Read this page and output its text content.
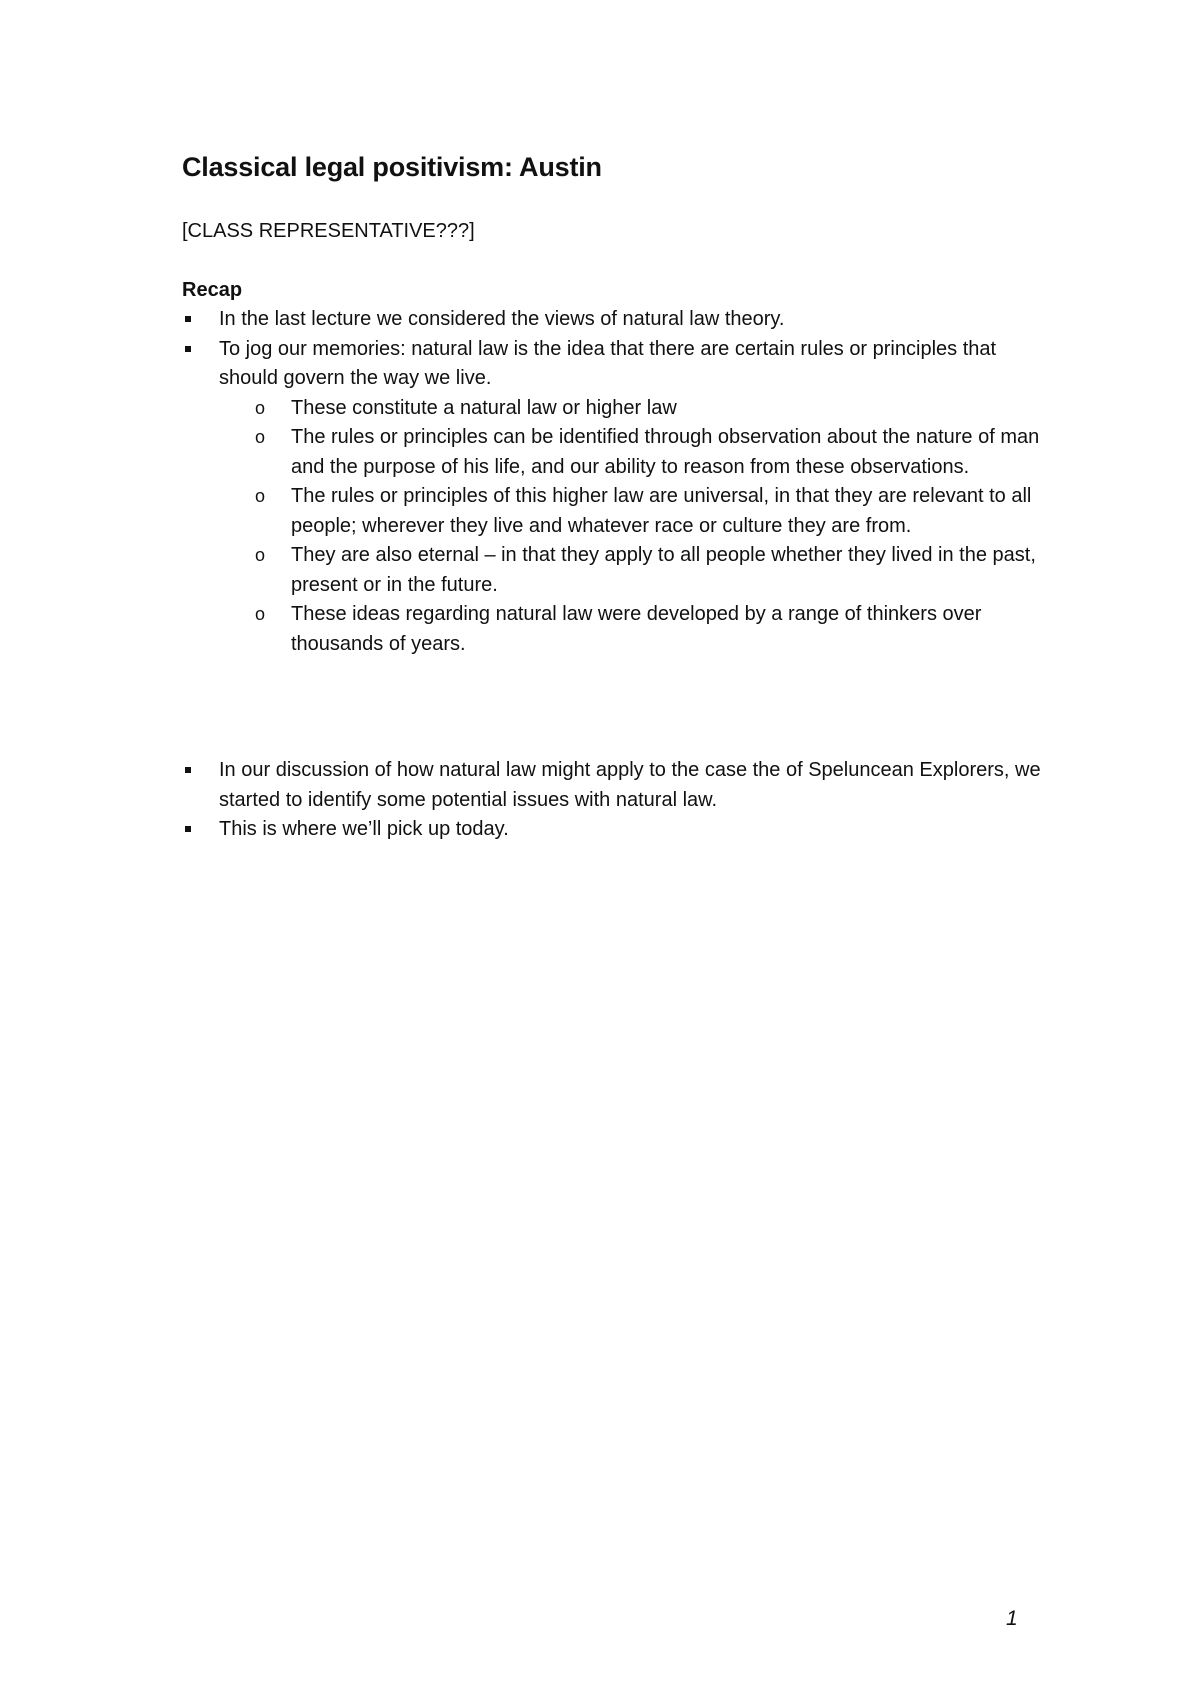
Classical legal positivism: Austin

[CLASS REPRESENTATIVE???]

Recap

In the last lecture we considered the views of natural law theory.
To jog our memories: natural law is the idea that there are certain rules or principles that should govern the way we live.
o These constitute a natural law or higher law
o The rules or principles can be identified through observation about the nature of man and the purpose of his life, and our ability to reason from these observations.
o The rules or principles of this higher law are universal, in that they are relevant to all people; wherever they live and whatever race or culture they are from.
o They are also eternal – in that they apply to all people whether they lived in the past, present or in the future.
o These ideas regarding natural law were developed by a range of thinkers over thousands of years.
In our discussion of how natural law might apply to the case the of Speluncean Explorers, we started to identify some potential issues with natural law.
This is where we’ll pick up today.
1
